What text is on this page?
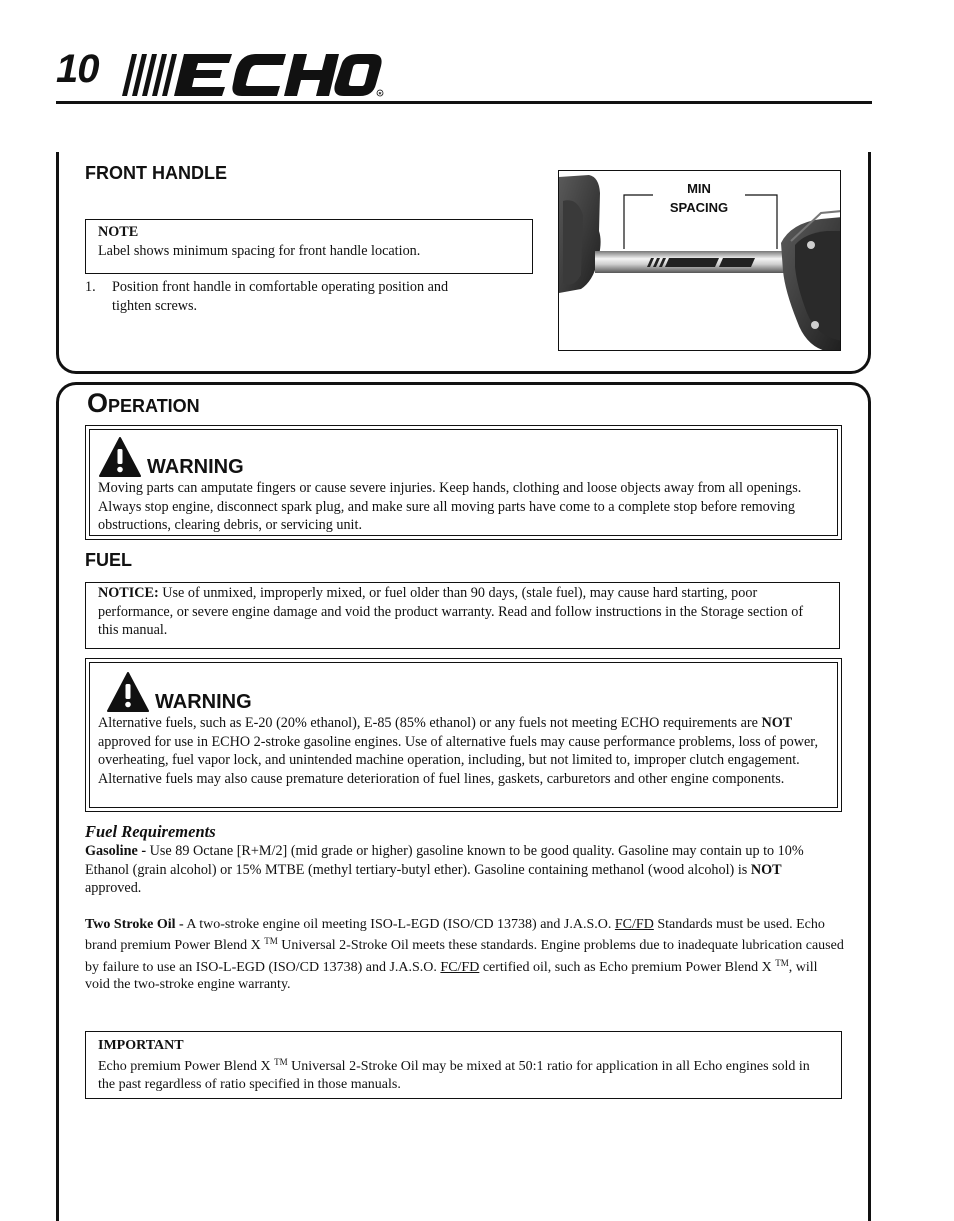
10
R
FRONT HANDLE
NOTE
Label shows minimum spacing for front handle location.
1.	Position front handle in comfortable operating position and
tighten screws.
MIN
SPACING
OPERATION
WARNING
Moving parts can amputate fingers or cause severe injuries. Keep hands, clothing and loose objects away from all openings. Always stop engine, disconnect spark plug, and make sure all moving parts have come to a complete stop before removing obstructions, clearing debris, or servicing unit.
FUEL
NOTICE: Use of unmixed, improperly mixed, or fuel older than 90 days, (stale fuel), may cause hard starting, poor performance, or severe engine damage and void the product warranty. Read and follow instructions in the Storage section of this manual.
WARNING
Alternative fuels, such as E-20 (20% ethanol), E-85 (85% ethanol) or any fuels not meeting ECHO requirements are NOT approved for use in ECHO 2-stroke gasoline engines. Use of alternative fuels may cause performance problems, loss of power, overheating, fuel vapor lock, and unintended machine operation, including, but not limited to, improper clutch engagement. Alternative fuels may also cause premature deterioration of fuel lines, gaskets, carburetors and other engine components.
Fuel Requirements
Gasoline - Use 89 Octane [R+M/2] (mid grade or higher) gasoline known to be good quality. Gasoline may contain up to 10% Ethanol (grain alcohol) or 15% MTBE (methyl tertiary-butyl ether). Gasoline containing methanol (wood alcohol) is NOT approved.
Two Stroke Oil - A two-stroke engine oil meeting ISO-L-EGD (ISO/CD 13738) and J.A.S.O. FC/FD Standards must be used. Echo brand premium Power Blend X ™ Universal 2-Stroke Oil meets these standards. Engine problems due to inadequate lubrication caused by failure to use an ISO-L-EGD (ISO/CD 13738) and J.A.S.O. FC/FD certified oil, such as Echo premium Power Blend X ™, will void the two-stroke engine warranty.
IMPORTANT
Echo premium Power Blend X ™ Universal 2-Stroke Oil may be mixed at 50:1 ratio for application in all Echo engines sold in the past regardless of ratio specified in those manuals.
